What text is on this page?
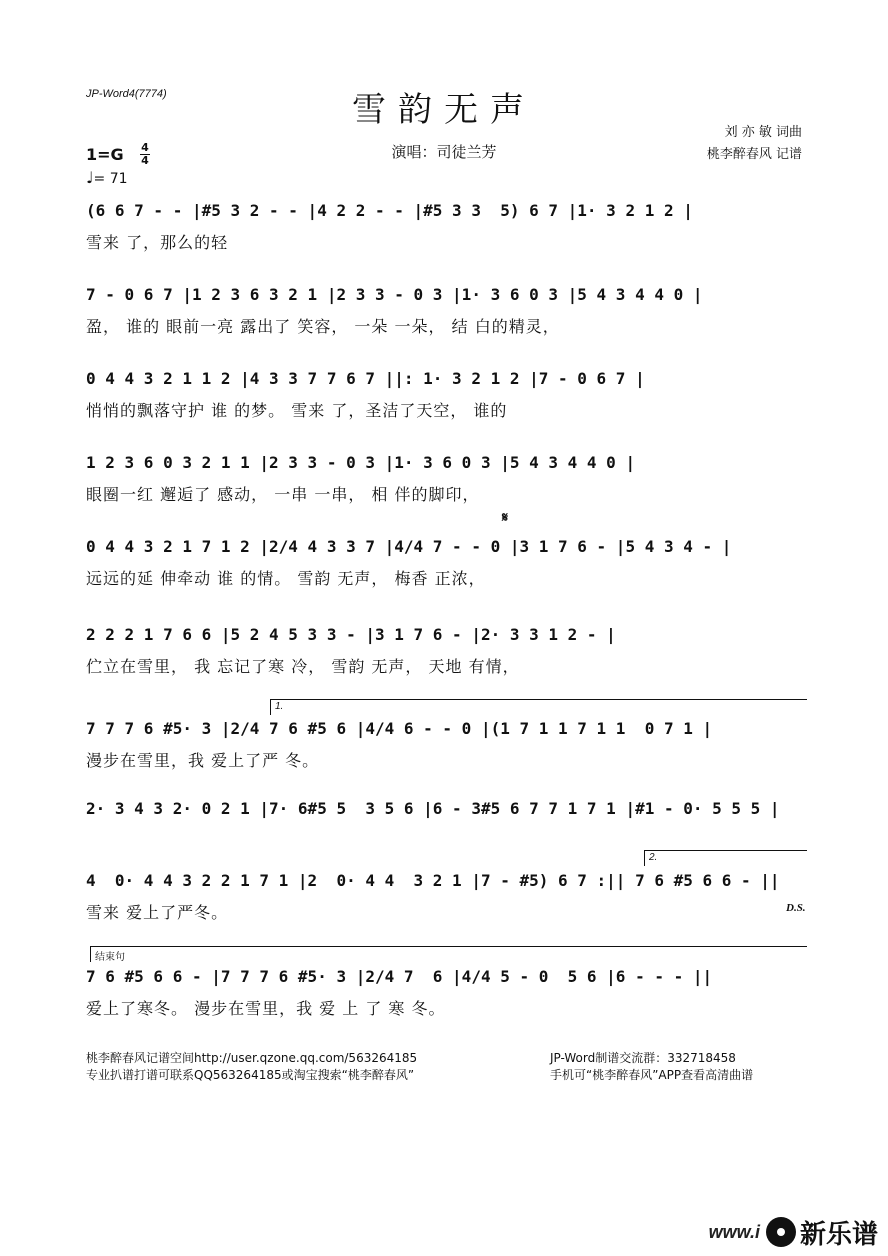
JP-Word4(7774)	雪韵无声
演唱：司徒兰芳
刘 亦 敏 词曲
桃李醉春风 记谱
1=G 4
4
♩= 71
(6 6 7 - - |#5 3 2 - - |4 2 2 - - |#5 3 3  5) 6 7 |1· 3 2 1 2 |
雪来 了，那么的轻
7 - 0 6 7 |1 2 3 6 3 2 1 |2 3 3 - 0 3 |1· 3 6 0 3 |5 4 3 4 4 0 |
盈， 谁的 眼前一亮 露出了 笑容， 一朵 一朵， 结 白的精灵，
0 4 4 3 2 1 1 2 |4 3 3 7 7 6 7 ||: 1· 3 2 1 2 |7 - 0 6 7 |
悄悄的飘落守护 谁 的梦。 雪来 了，圣洁了天空， 谁的
1 2 3 6 0 3 2 1 1 |2 3 3 - 0 3 |1· 3 6 0 3 |5 4 3 4 4 0 |
眼圈一红 邂逅了 感动， 一串 一串， 相 伴的脚印，
𝄋
0 4 4 3 2 1 7 1 2 |2/4 4 3 3 7 |4/4 7 - - 0 |3 1 7 6 - |5 4 3 4 - |
远远的延 伸牵动 谁 的情。 雪韵 无声， 梅香 正浓，
2 2 2 1 7 6 6 |5 2 4 5 3 3 - |3 1 7 6 - |2· 3 3 1 2 - |
伫立在雪里， 我 忘记了寒 冷， 雪韵 无声， 天地 有情，
1.
7 7 7 6 #5· 3 |2/4 7 6 #5 6 |4/4 6 - - 0 |(1 7 1 1 7 1 1  0 7 1 |
漫步在雪里，我 爱上了严 冬。
2· 3 4 3 2· 0 2 1 |7· 6#5 5  3 5 6 |6 - 3#5 6 7 7 1 7 1 |#1 - 0· 5 5 5 |
2.
4  0· 4 4 3 2 2 1 7 1 |2  0· 4 4  3 2 1 |7 - #5) 6 7 :|| 7 6 #5 6 6 - ||
雪来 爱上了严冬。	D.S.
结束句
7 6 #5 6 6 - |7 7 7 6 #5· 3 |2/4 7  6 |4/4 5 - 0  5 6 |6 - - - ||
爱上了寒冬。 漫步在雪里，我 爱 上 了 寒 冬。
桃李醉春风记谱空间http://user.qzone.qq.com/563264185
专业扒谱打谱可联系QQ563264185或淘宝搜索“桃李醉春风”
JP-Word制谱交流群：332718458
手机可“桃李醉春风”APP查看高清曲谱
www.i 新乐谱
